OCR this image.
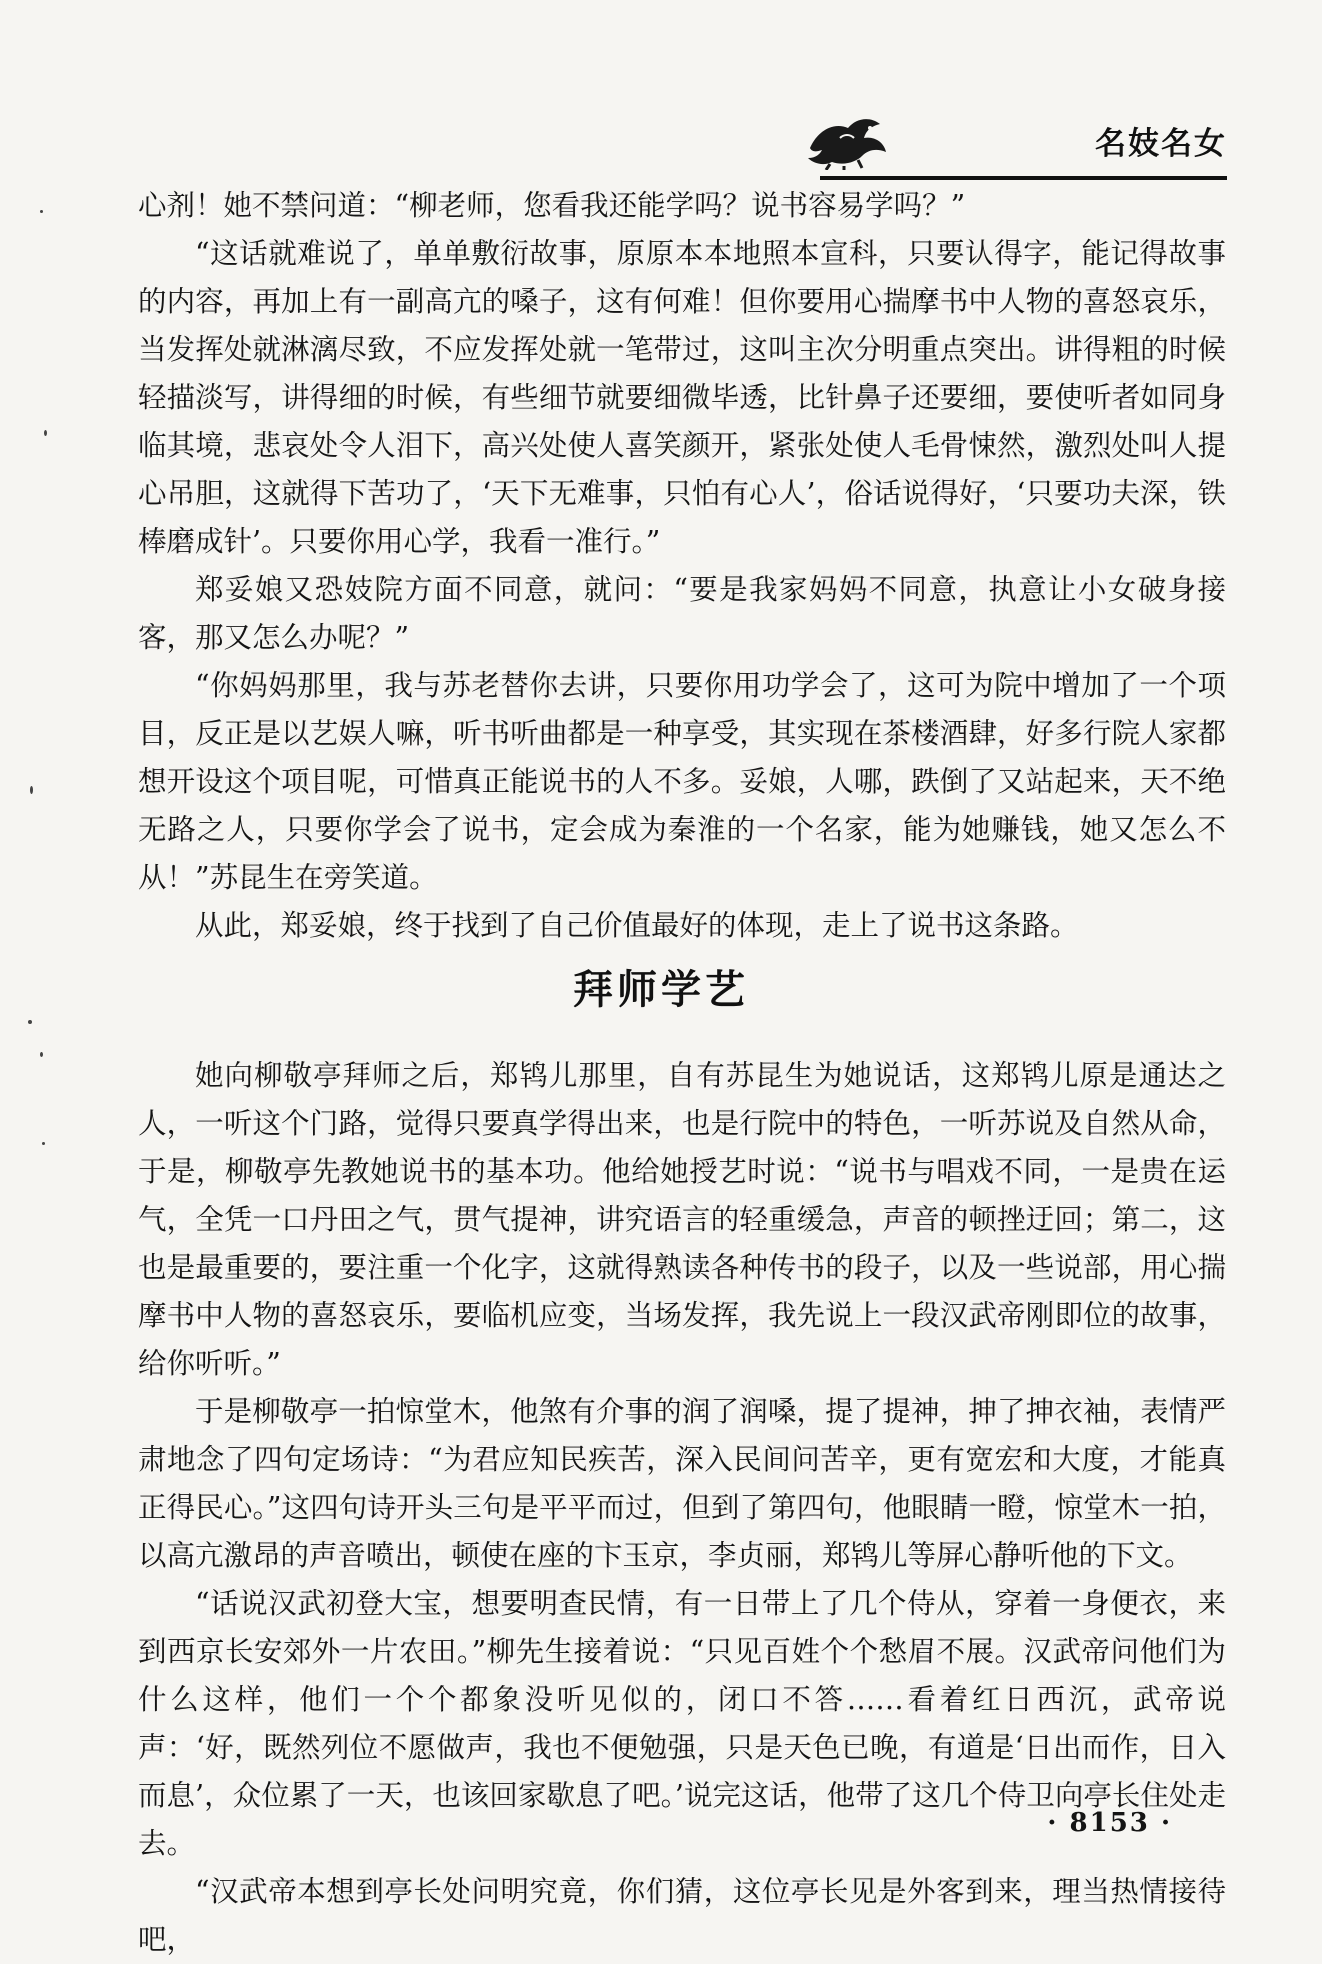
名妓名女

心剂！她不禁问道：“柳老师，您看我还能学吗？说书容易学吗？”

“这话就难说了，单单敷衍故事，原原本本地照本宣科，只要认得字，能记得故事的内容，再加上有一副高亢的嗓子，这有何难！但你要用心揣摩书中人物的喜怒哀乐，当发挥处就淋漓尽致，不应发挥处就一笔带过，这叫主次分明重点突出。讲得粗的时候轻描淡写，讲得细的时候，有些细节就要细微毕透，比针鼻子还要细，要使听者如同身临其境，悲哀处令人泪下，高兴处使人喜笑颜开，紧张处使人毛骨悚然，激烈处叫人提心吊胆，这就得下苦功了，‘天下无难事，只怕有心人’，俗话说得好，‘只要功夫深，铁棒磨成针’。只要你用心学，我看一准行。”

郑妥娘又恐妓院方面不同意，就问：“要是我家妈妈不同意，执意让小女破身接客，那又怎么办呢？”

“你妈妈那里，我与苏老替你去讲，只要你用功学会了，这可为院中增加了一个项目，反正是以艺娱人嘛，听书听曲都是一种享受，其实现在茶楼酒肆，好多行院人家都想开设这个项目呢，可惜真正能说书的人不多。妥娘，人哪，跌倒了又站起来，天不绝无路之人，只要你学会了说书，定会成为秦淮的一个名家，能为她赚钱，她又怎么不从！”苏昆生在旁笑道。

从此，郑妥娘，终于找到了自己价值最好的体现，走上了说书这条路。

拜师学艺

她向柳敬亭拜师之后，郑鸨儿那里，自有苏昆生为她说话，这郑鸨儿原是通达之人，一听这个门路，觉得只要真学得出来，也是行院中的特色，一听苏说及自然从命，于是，柳敬亭先教她说书的基本功。他给她授艺时说：“说书与唱戏不同，一是贵在运气，全凭一口丹田之气，贯气提神，讲究语言的轻重缓急，声音的顿挫迂回；第二，这也是最重要的，要注重一个化字，这就得熟读各种传书的段子，以及一些说部，用心揣摩书中人物的喜怒哀乐，要临机应变，当场发挥，我先说上一段汉武帝刚即位的故事，给你听听。”

于是柳敬亭一拍惊堂木，他煞有介事的润了润嗓，提了提神，抻了抻衣袖，表情严肃地念了四句定场诗：“为君应知民疾苦，深入民间问苦辛，更有宽宏和大度，才能真正得民心。”这四句诗开头三句是平平而过，但到了第四句，他眼睛一瞪，惊堂木一拍，以高亢激昂的声音喷出，顿使在座的卞玉京，李贞丽，郑鸨儿等屏心静听他的下文。

“话说汉武初登大宝，想要明查民情，有一日带上了几个侍从，穿着一身便衣，来到西京长安郊外一片农田。”柳先生接着说：“只见百姓个个愁眉不展。汉武帝问他们为什么这样，他们一个个都象没听见似的，闭口不答……看着红日西沉，武帝说声：‘好，既然列位不愿做声，我也不便勉强，只是天色已晚，有道是‘日出而作，日入而息’，众位累了一天，也该回家歇息了吧。’说完这话，他带了这几个侍卫向亭长住处走去。

“汉武帝本想到亭长处问明究竟，你们猜，这位亭长见是外客到来，理当热情接待吧，

· 8153 ·
